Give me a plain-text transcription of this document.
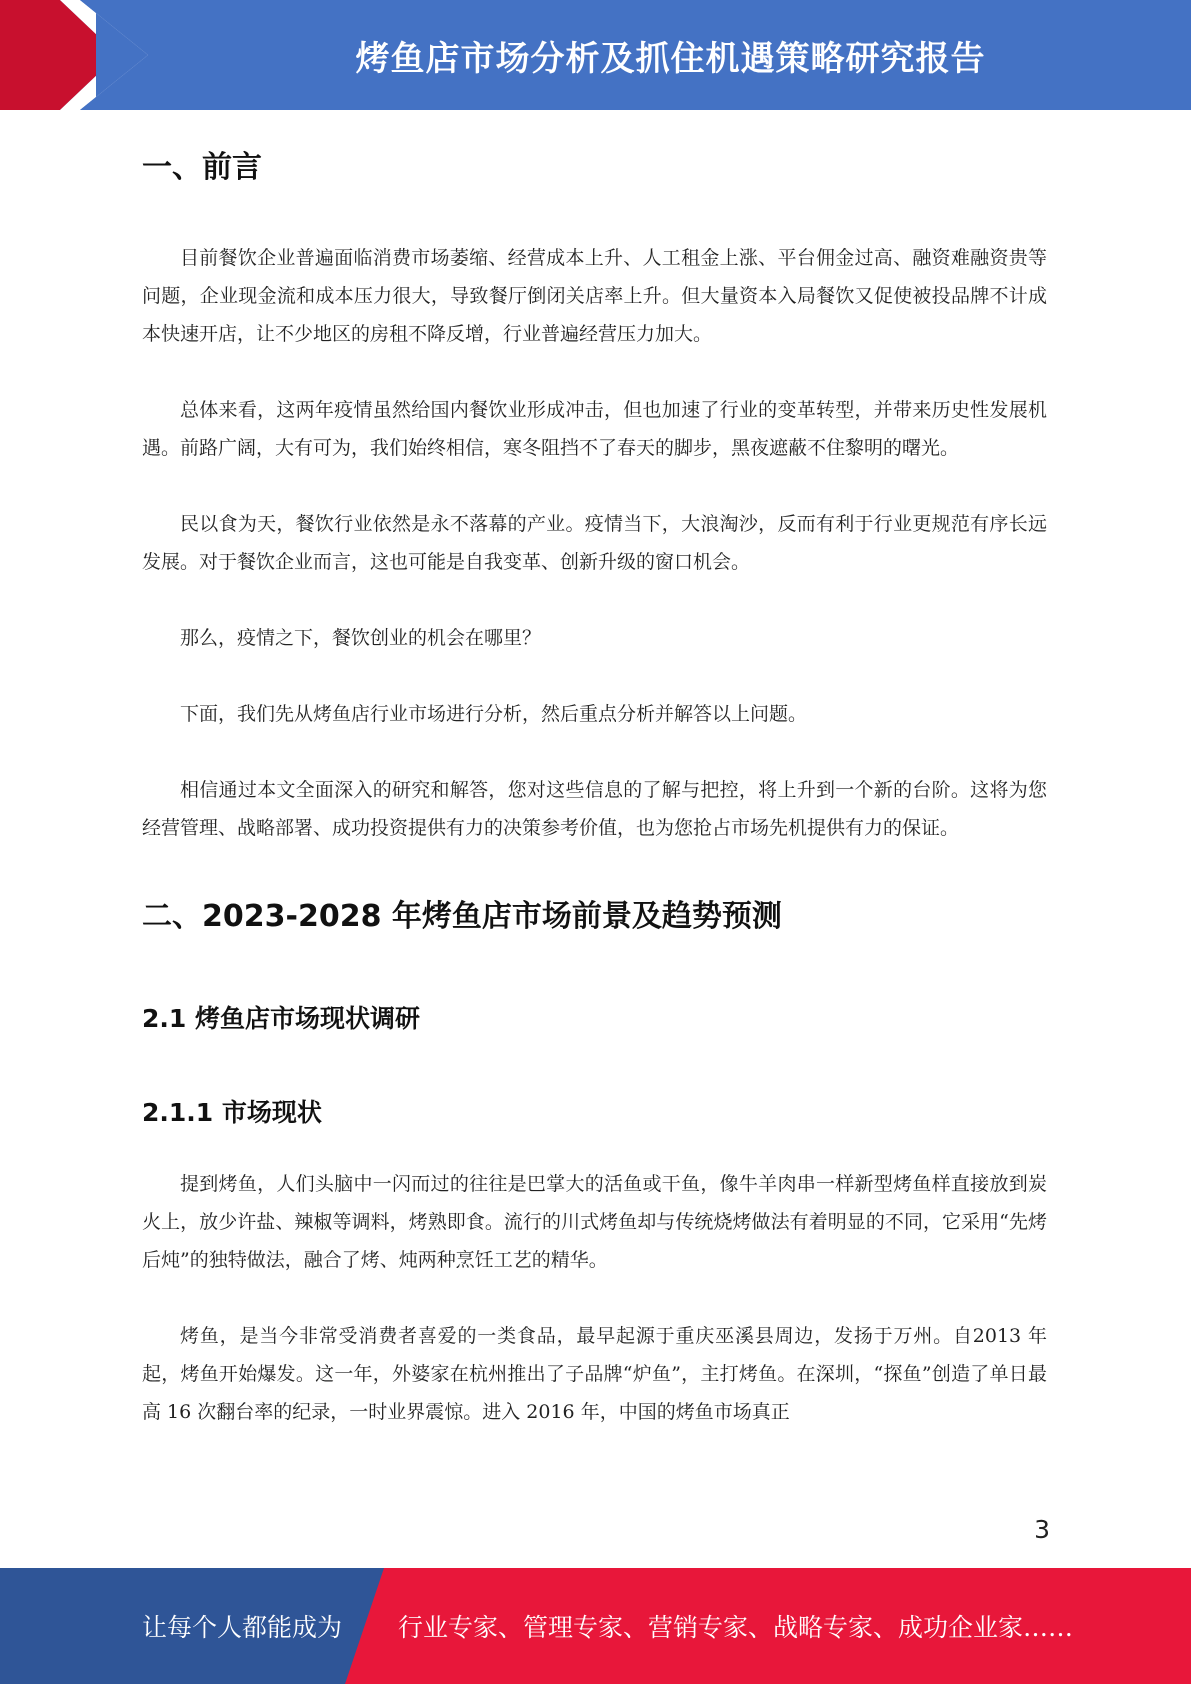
烤鱼店市场分析及抓住机遇策略研究报告
一、前言

目前餐饮企业普遍面临消费市场萎缩、经营成本上升、人工租金上涨、平台佣金过高、融资难融资贵等问题，企业现金流和成本压力很大，导致餐厅倒闭关店率上升。但大量资本入局餐饮又促使被投品牌不计成本快速开店，让不少地区的房租不降反增，行业普遍经营压力加大。

总体来看，这两年疫情虽然给国内餐饮业形成冲击，但也加速了行业的变革转型，并带来历史性发展机遇。前路广阔，大有可为，我们始终相信，寒冬阻挡不了春天的脚步，黑夜遮蔽不住黎明的曙光。

民以食为天，餐饮行业依然是永不落幕的产业。疫情当下，大浪淘沙，反而有利于行业更规范有序长远发展。对于餐饮企业而言，这也可能是自我变革、创新升级的窗口机会。

那么，疫情之下，餐饮创业的机会在哪里？

下面，我们先从烤鱼店行业市场进行分析，然后重点分析并解答以上问题。

相信通过本文全面深入的研究和解答，您对这些信息的了解与把控，将上升到一个新的台阶。这将为您经营管理、战略部署、成功投资提供有力的决策参考价值，也为您抢占市场先机提供有力的保证。

二、2023-2028 年烤鱼店市场前景及趋势预测
2.1 烤鱼店市场现状调研
2.1.1 市场现状

提到烤鱼，人们头脑中一闪而过的往往是巴掌大的活鱼或干鱼，像牛羊肉串一样新型烤鱼样直接放到炭火上，放少许盐、辣椒等调料，烤熟即食。流行的川式烤鱼却与传统烧烤做法有着明显的不同，它采用“先烤后炖”的独特做法，融合了烤、炖两种烹饪工艺的精华。

烤鱼，是当今非常受消费者喜爱的一类食品，最早起源于重庆巫溪县周边，发扬于万州。自2013 年起，烤鱼开始爆发。这一年，外婆家在杭州推出了子品牌“炉鱼”，主打烤鱼。在深圳，“探鱼”创造了单日最高 16 次翻台率的纪录，一时业界震惊。进入 2016 年，中国的烤鱼市场真正

3
让每个人都能成为 行业专家、管理专家、营销专家、战略专家、成功企业家……
